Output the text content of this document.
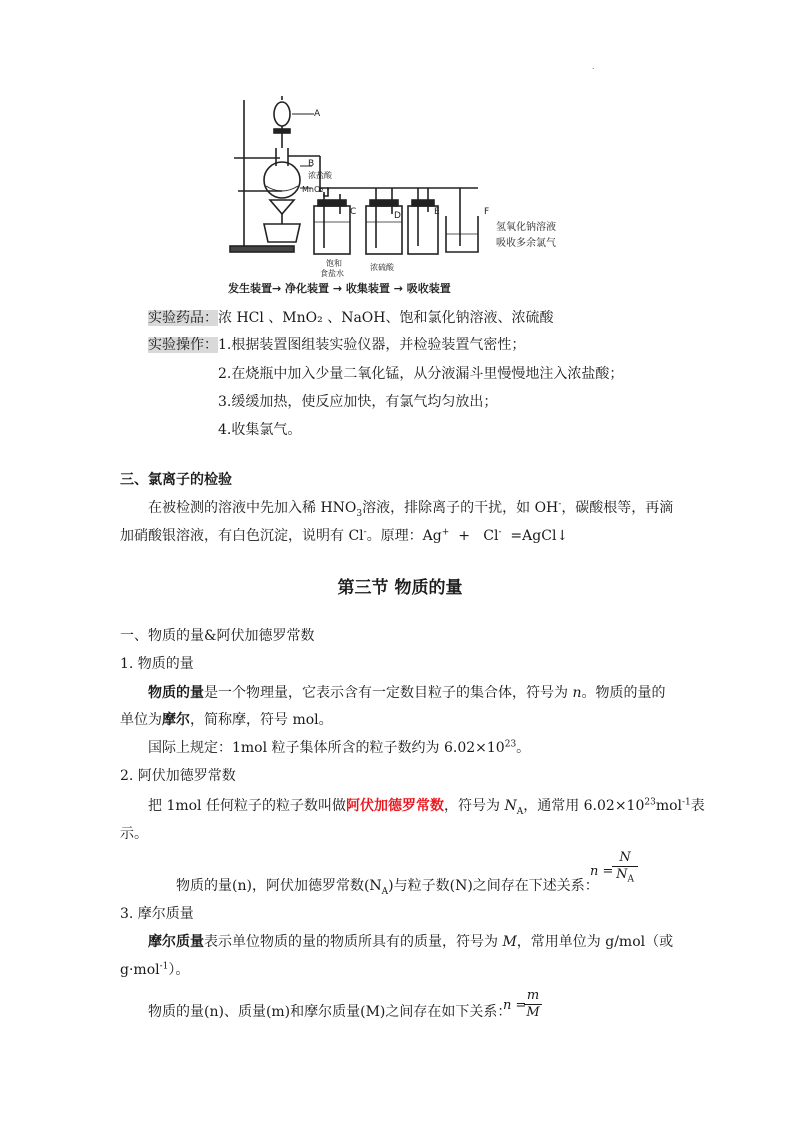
.
A
B
浓盐酸
MnO₂
C	D	E	F
饱和
食盐水
浓硫酸
氢氧化钠溶液
吸收多余氯气
发生装置→ 净化装置 → 收集装置 → 吸收装置
实验药品：浓 HCl 、MnO₂ 、NaOH、饱和氯化钠溶液、浓硫酸
实验操作：1.根据装置图组装实验仪器，并检验装置气密性；
2.在烧瓶中加入少量二氧化锰，从分液漏斗里慢慢地注入浓盐酸；
3.缓缓加热，使反应加快，有氯气均匀放出；
4.收集氯气。
三、氯离子的检验
在被检测的溶液中先加入稀 $HNO_3$溶液，排除离子的干扰，如 OH-，碳酸根等，再滴
加硝酸银溶液，有白色沉淀，说明有 Cl-。原理：Ag+  +   Cl-  =AgCl↓
第三节 物质的量
一、物质的量&阿伏加德罗常数
1. 物质的量
物质的量是一个物理量，它表示含有一定数目粒子的集合体，符号为 n。物质的量的
单位为摩尔，简称摩，符号 mol。
国际上规定：1mol 粒子集体所含的粒子数约为 $6.02\times 10^{23}$。
2. 阿伏加德罗常数
把 1mol 任何粒子的粒子数叫做阿伏加德罗常数，符号为 $N_A$，通常用 $6.02\times 10^{23}mol^{-1}$表
示。
物质的量(n)，阿伏加德罗常数$(N_A)$与粒子数(N)之间存在下述关系：
n =
N
$N_A$
3. 摩尔质量
摩尔质量表示单位物质的量的物质所具有的质量，符号为 M，常用单位为 g/mol（或
g·mol$^{-1}$）。
物质的量(n)、质量(m)和摩尔质量(M)之间存在如下关系：
n =
m
M
